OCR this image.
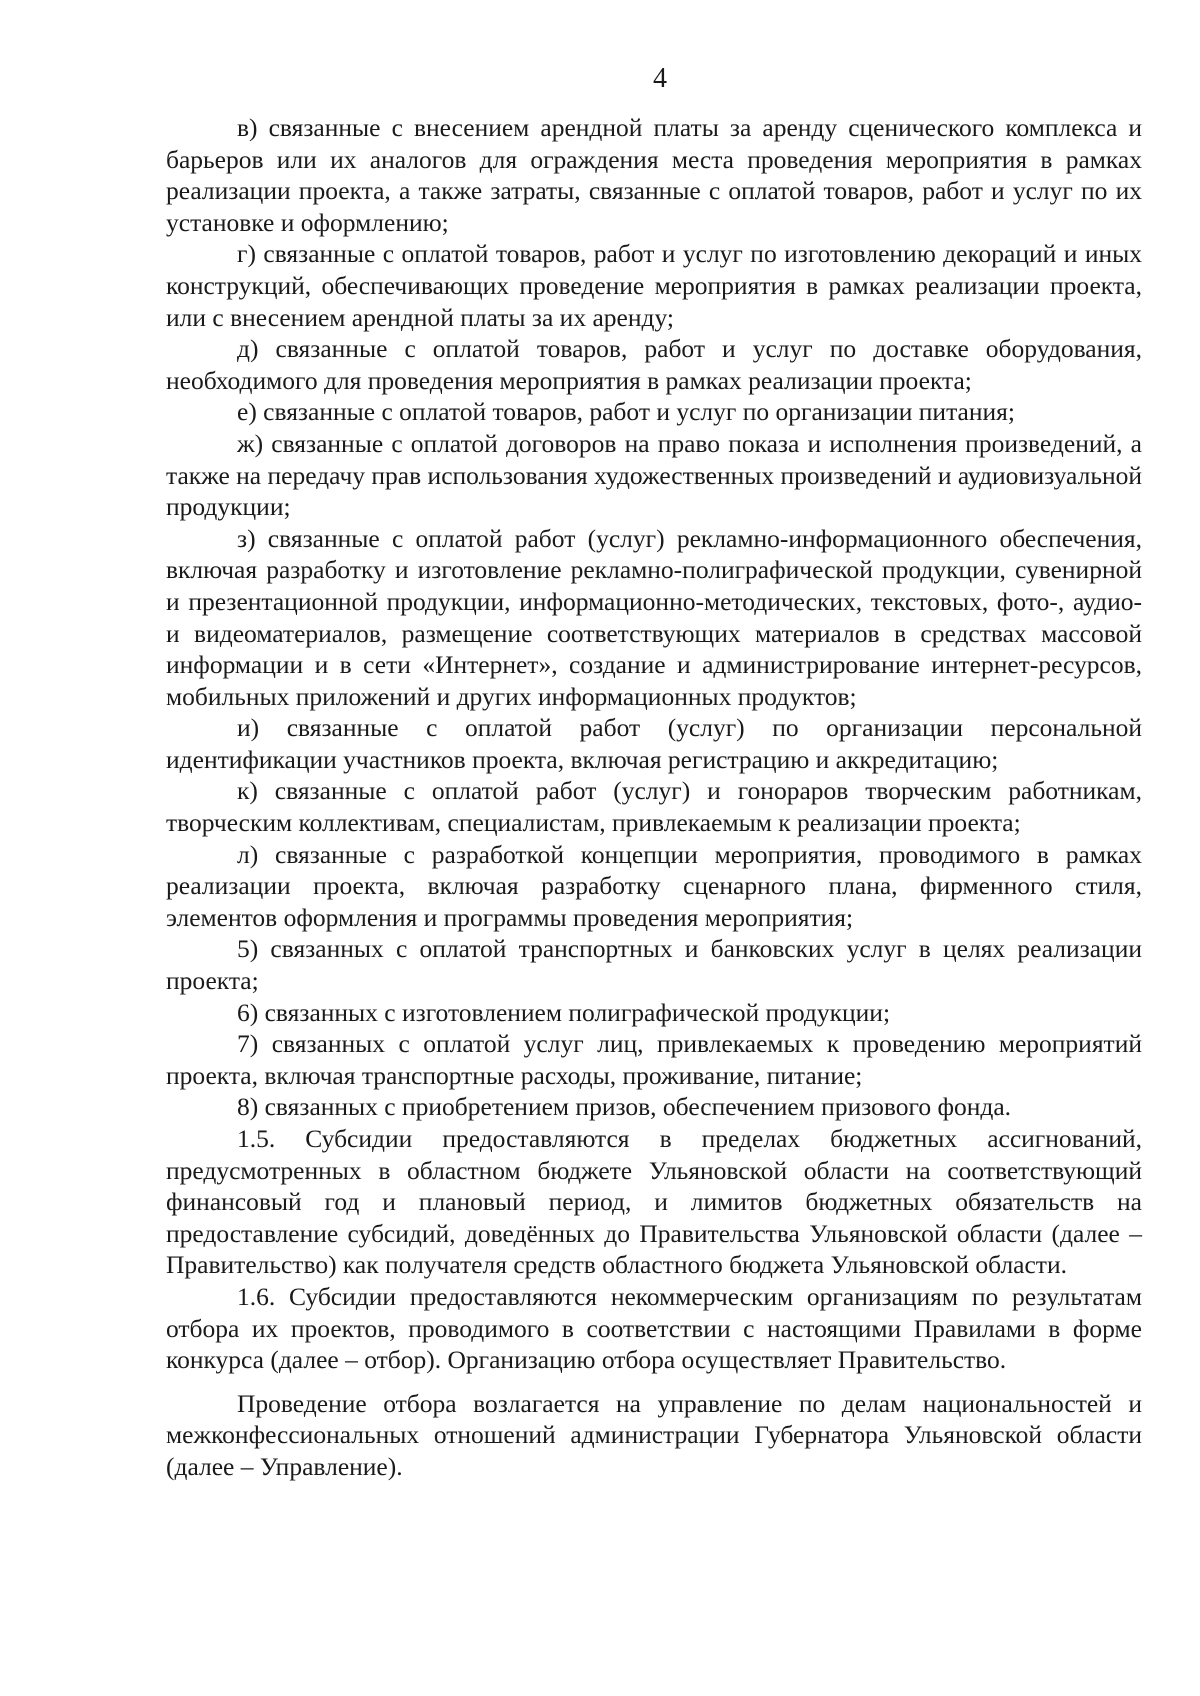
4

в) связанные с внесением арендной платы за аренду сценического комплекса и барьеров или их аналогов для ограждения места проведения мероприятия в рамках реализации проекта, а также затраты, связанные с оплатой товаров, работ и услуг по их установке и оформлению;

г) связанные с оплатой товаров, работ и услуг по изготовлению декораций и иных конструкций, обеспечивающих проведение мероприятия в рамках реализации проекта, или с внесением арендной платы за их аренду;

д) связанные с оплатой товаров, работ и услуг по доставке оборудования, необходимого для проведения мероприятия в рамках реализации проекта;

е) связанные с оплатой товаров, работ и услуг по организации питания;

ж) связанные с оплатой договоров на право показа и исполнения произведений, а также на передачу прав использования художественных произведений и аудиовизуальной продукции;

з) связанные с оплатой работ (услуг) рекламно-информационного обеспечения, включая разработку и изготовление рекламно-полиграфической продукции, сувенирной и презентационной продукции, информационно-методических, текстовых, фото-, аудио- и видеоматериалов, размещение соответствующих материалов в средствах массовой информации и в сети «Интернет», создание и администрирование интернет-ресурсов, мобильных приложений и других информационных продуктов;

и) связанные с оплатой работ (услуг) по организации персональной идентификации участников проекта, включая регистрацию и аккредитацию;

к) связанные с оплатой работ (услуг) и гонораров творческим работникам, творческим коллективам, специалистам, привлекаемым к реализации проекта;

л) связанные с разработкой концепции мероприятия, проводимого в рамках реализации проекта, включая разработку сценарного плана, фирменного стиля, элементов оформления и программы проведения мероприятия;

5) связанных с оплатой транспортных и банковских услуг в целях реализации проекта;

6) связанных с изготовлением полиграфической продукции;

7) связанных с оплатой услуг лиц, привлекаемых к проведению мероприятий проекта, включая транспортные расходы, проживание, питание;

8) связанных с приобретением призов, обеспечением призового фонда.

1.5. Субсидии предоставляются в пределах бюджетных ассигнований, предусмотренных в областном бюджете Ульяновской области на соответствующий финансовый год и плановый период, и лимитов бюджетных обязательств на предоставление субсидий, доведённых до Правительства Ульяновской области (далее – Правительство) как получателя средств областного бюджета Ульяновской области.

1.6. Субсидии предоставляются некоммерческим организациям по результатам отбора их проектов, проводимого в соответствии с настоящими Правилами в форме конкурса (далее – отбор). Организацию отбора осуществляет Правительство.

Проведение отбора возлагается на управление по делам национальностей и межконфессиональных отношений администрации Губернатора Ульяновской области (далее – Управление).
